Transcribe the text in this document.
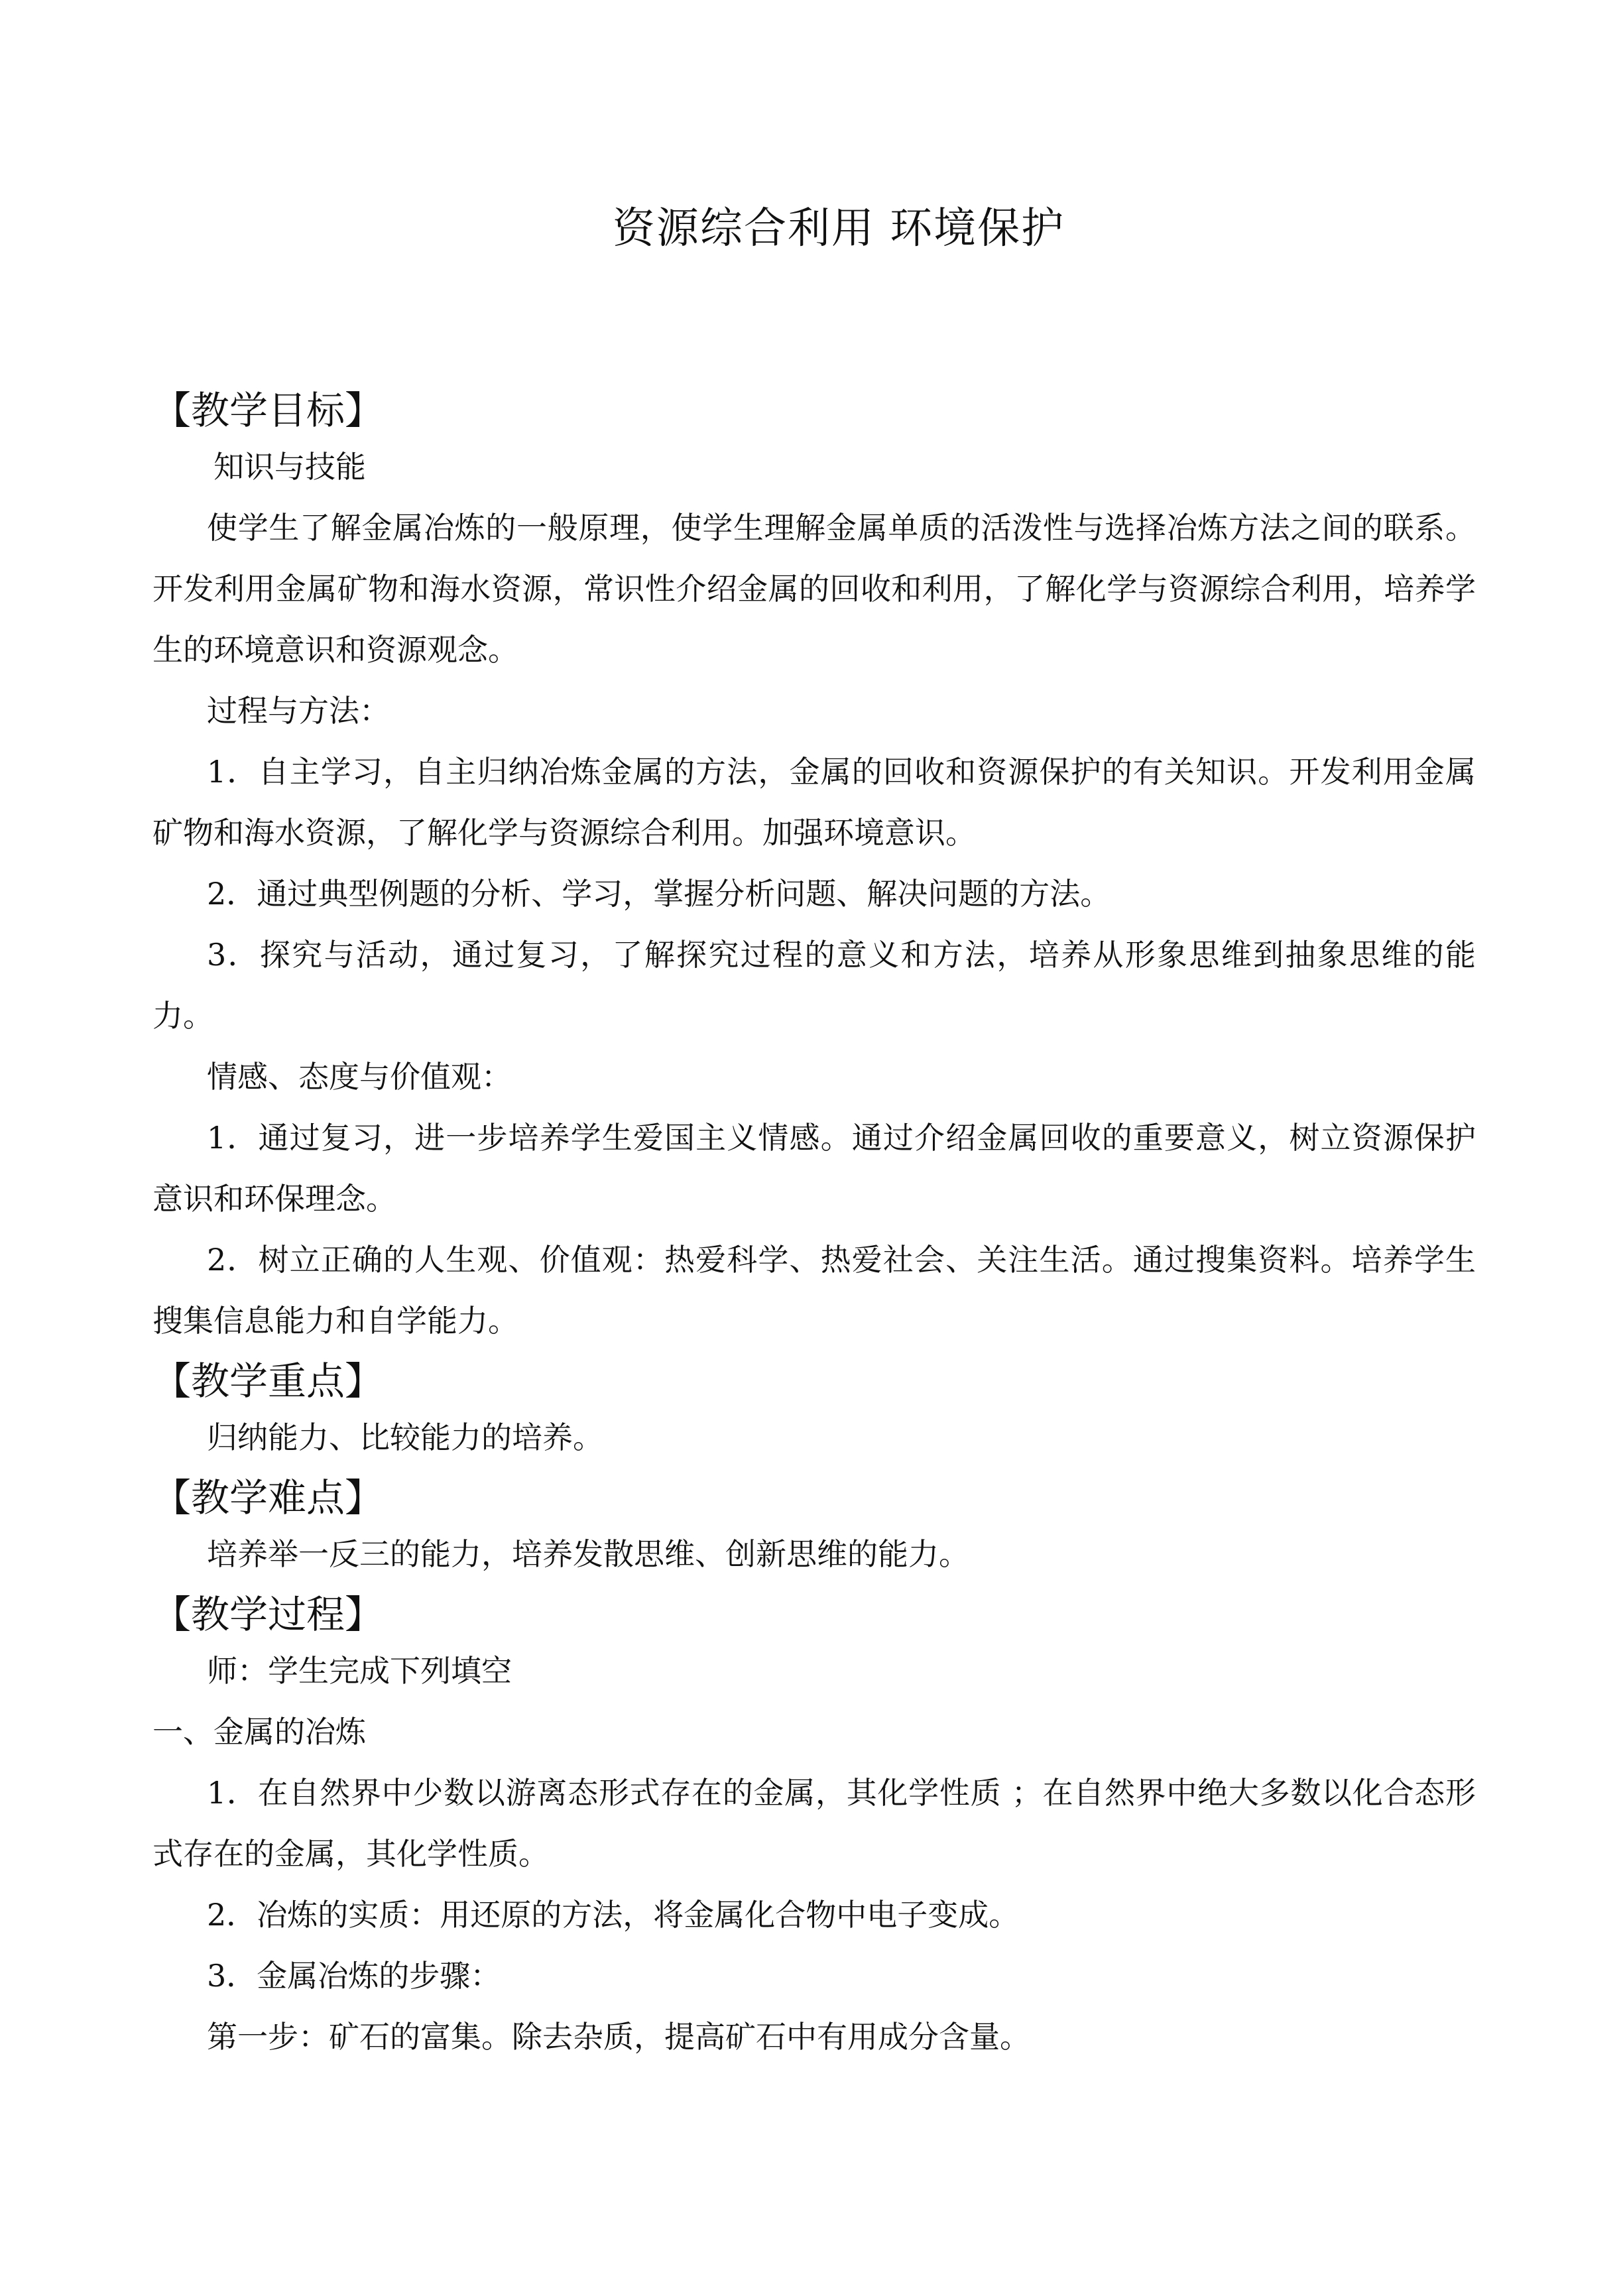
资源综合利用 环境保护
【教学目标】

知识与技能

使学生了解金属冶炼的一般原理，使学生理解金属单质的活泼性与选择冶炼方法之间的联系。开发利用金属矿物和海水资源，常识性介绍金属的回收和利用，了解化学与资源综合利用，培养学生的环境意识和资源观念。

过程与方法：

1．自主学习，自主归纳冶炼金属的方法，金属的回收和资源保护的有关知识。开发利用金属矿物和海水资源，了解化学与资源综合利用。加强环境意识。

2．通过典型例题的分析、学习，掌握分析问题、解决问题的方法。

3．探究与活动，通过复习，了解探究过程的意义和方法，培养从形象思维到抽象思维的能力。

情感、态度与价值观：

1．通过复习，进一步培养学生爱国主义情感。通过介绍金属回收的重要意义，树立资源保护意识和环保理念。

2．树立正确的人生观、价值观：热爱科学、热爱社会、关注生活。通过搜集资料。培养学生搜集信息能力和自学能力。

【教学重点】

归纳能力、比较能力的培养。

【教学难点】

培养举一反三的能力，培养发散思维、创新思维的能力。

【教学过程】

师：学生完成下列填空

一、金属的冶炼

1．在自然界中少数以游离态形式存在的金属，其化学性质 ；在自然界中绝大多数以化合态形式存在的金属，其化学性质。

2．冶炼的实质：用还原的方法，将金属化合物中电子变成。

3．金属冶炼的步骤：

第一步：矿石的富集。除去杂质，提高矿石中有用成分含量。
